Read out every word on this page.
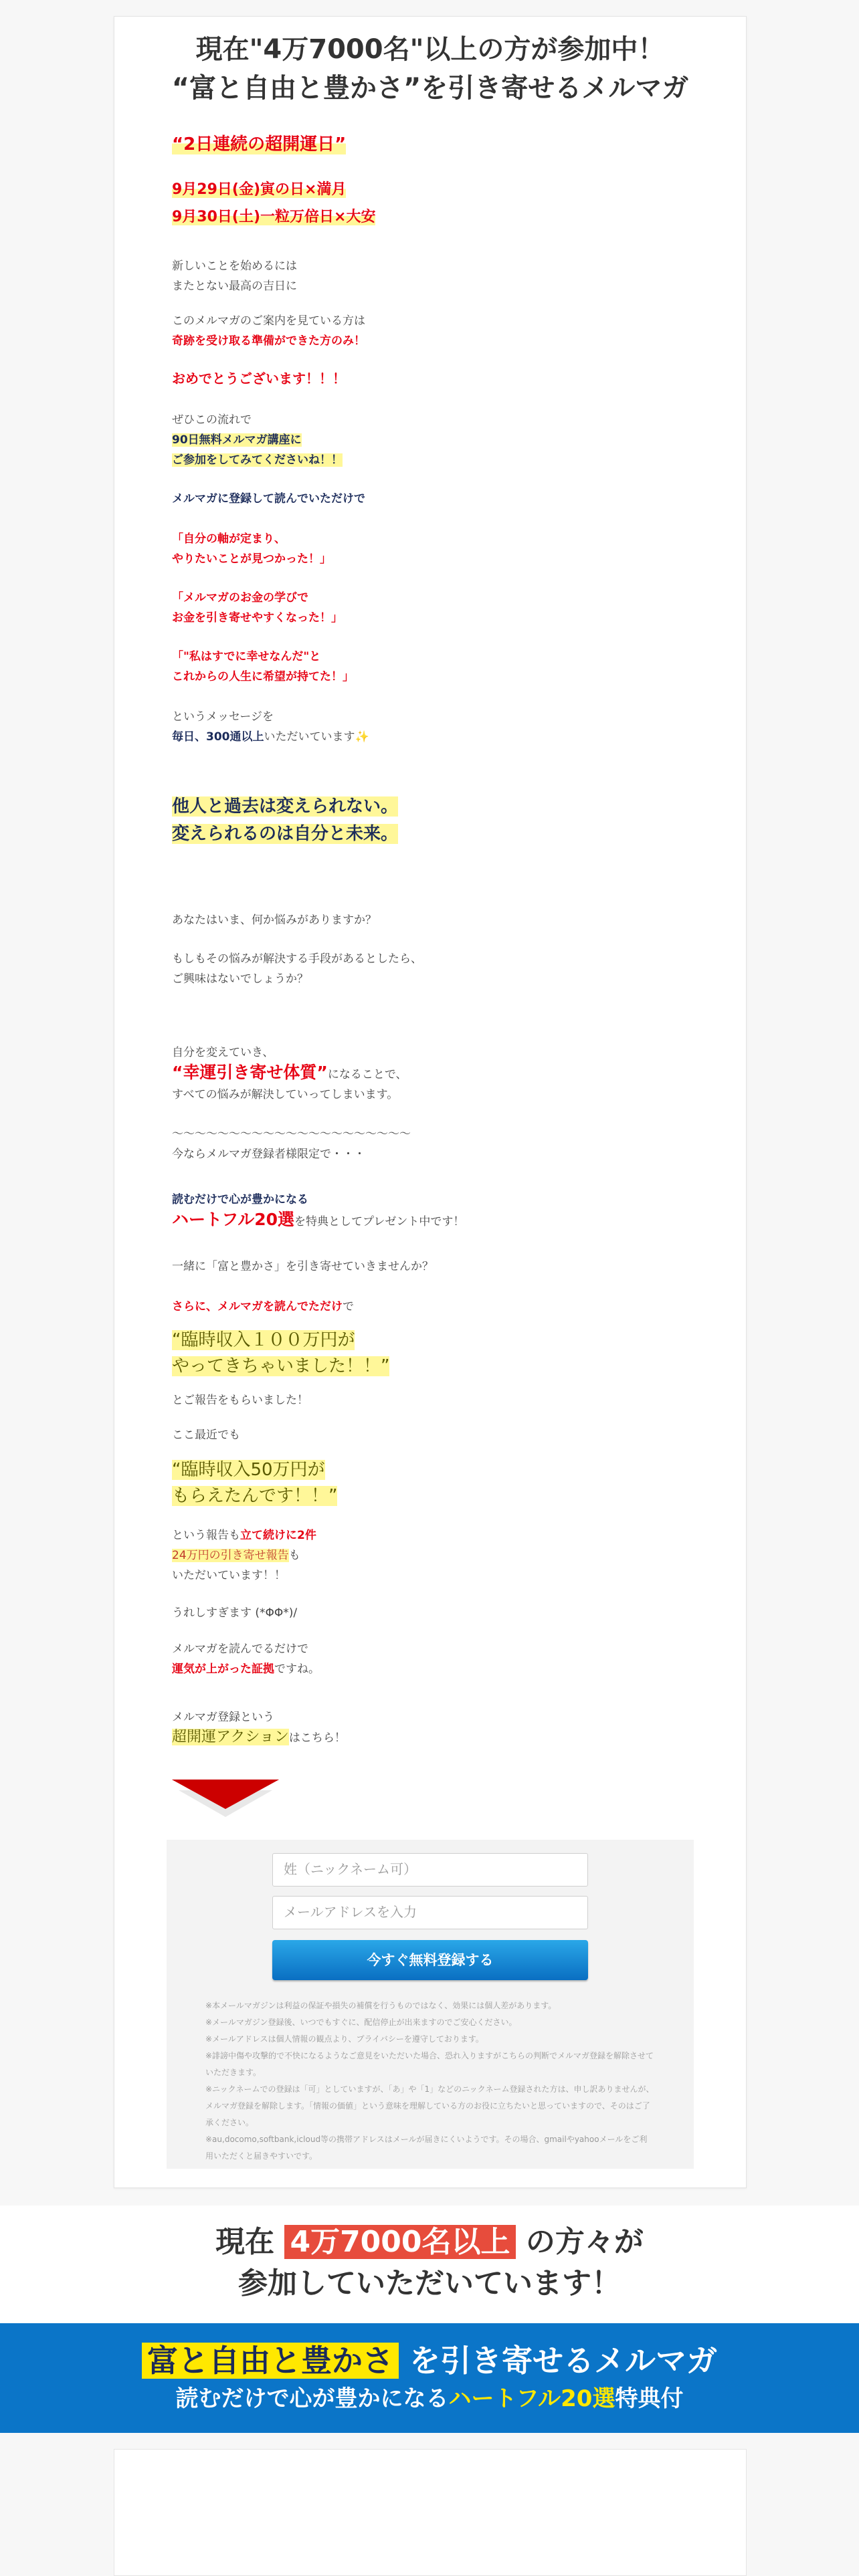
現在"4万7000名"以上の方が参加中！
“富と自由と豊かさ”を引き寄せるメルマガ
“2日連続の超開運日”
9月29日(金)寅の日×満月
9月30日(土)一粒万倍日×大安
新しいことを始めるには
またとない最高の吉日に
このメルマガのご案内を見ている方は
奇跡を受け取る準備ができた方のみ！
おめでとうございます！！！
ぜひこの流れで
90日無料メルマガ講座に
ご参加をしてみてくださいね！！
メルマガに登録して読んでいただけで
「自分の軸が定まり、
やりたいことが見つかった！」
「メルマガのお金の学びで
お金を引き寄せやすくなった！」
「"私はすでに幸せなんだ"と
これからの人生に希望が持てた！」
というメッセージを
毎日、300通以上いただいています✨
他人と過去は変えられない。
変えられるのは自分と未来。
あなたはいま、何か悩みがありますか？
もしもその悩みが解決する手段があるとしたら、
ご興味はないでしょうか？
自分を変えていき、
“幸運引き寄せ体質”になることで、
すべての悩みが解決していってしまいます。
〜〜〜〜〜〜〜〜〜〜〜〜〜〜〜〜〜〜〜〜〜
今ならメルマガ登録者様限定で・・・
読むだけで心が豊かになる
ハートフル20選を特典としてプレゼント中です！
一緒に「富と豊かさ」を引き寄せていきませんか？
さらに、メルマガを読んでただけで
“臨時収入１００万円が
やってきちゃいました！！”
とご報告をもらいました！
ここ最近でも
“臨時収入50万円が
もらえたんです！！”
という報告も立て続けに2件
24万円の引き寄せ報告も
いただいています！！
うれしすぎます (*ΦΦ*)/
メルマガを読んでるだけで
運気が上がった証拠ですね。
メルマガ登録という
超開運アクションはこちら！
姓（ニックネーム可）
メールアドレスを入力
今すぐ無料登録する
※本メールマガジンは利益の保証や損失の補償を行うものではなく、効果には個人差があります。
※メールマガジン登録後、いつでもすぐに、配信停止が出来ますのでご安心ください。
※メールアドレスは個人情報の観点より、プライバシーを遵守しております。
※誹謗中傷や攻撃的で不快になるようなご意見をいただいた場合、恐れ入りますがこちらの判断でメルマガ登録を解除させていただきます。
※ニックネームでの登録は「可」としていますが、「あ」や「1」などのニックネーム登録された方は、申し訳ありませんが、メルマガ登録を解除します。「情報の価値」という意味を理解している方のお役に立ちたいと思っていますので、そのはご了承ください。
※au,docomo,softbank,icloud等の携帯アドレスはメールが届きにくいようです。その場合、gmailやyahooメールをご利用いただくと届きやすいです。
現在 4万7000名以上 の方々が
参加していただいています！
富と自由と豊かさ を引き寄せるメルマガ
読むだけで心が豊かになるハートフル20選特典付
